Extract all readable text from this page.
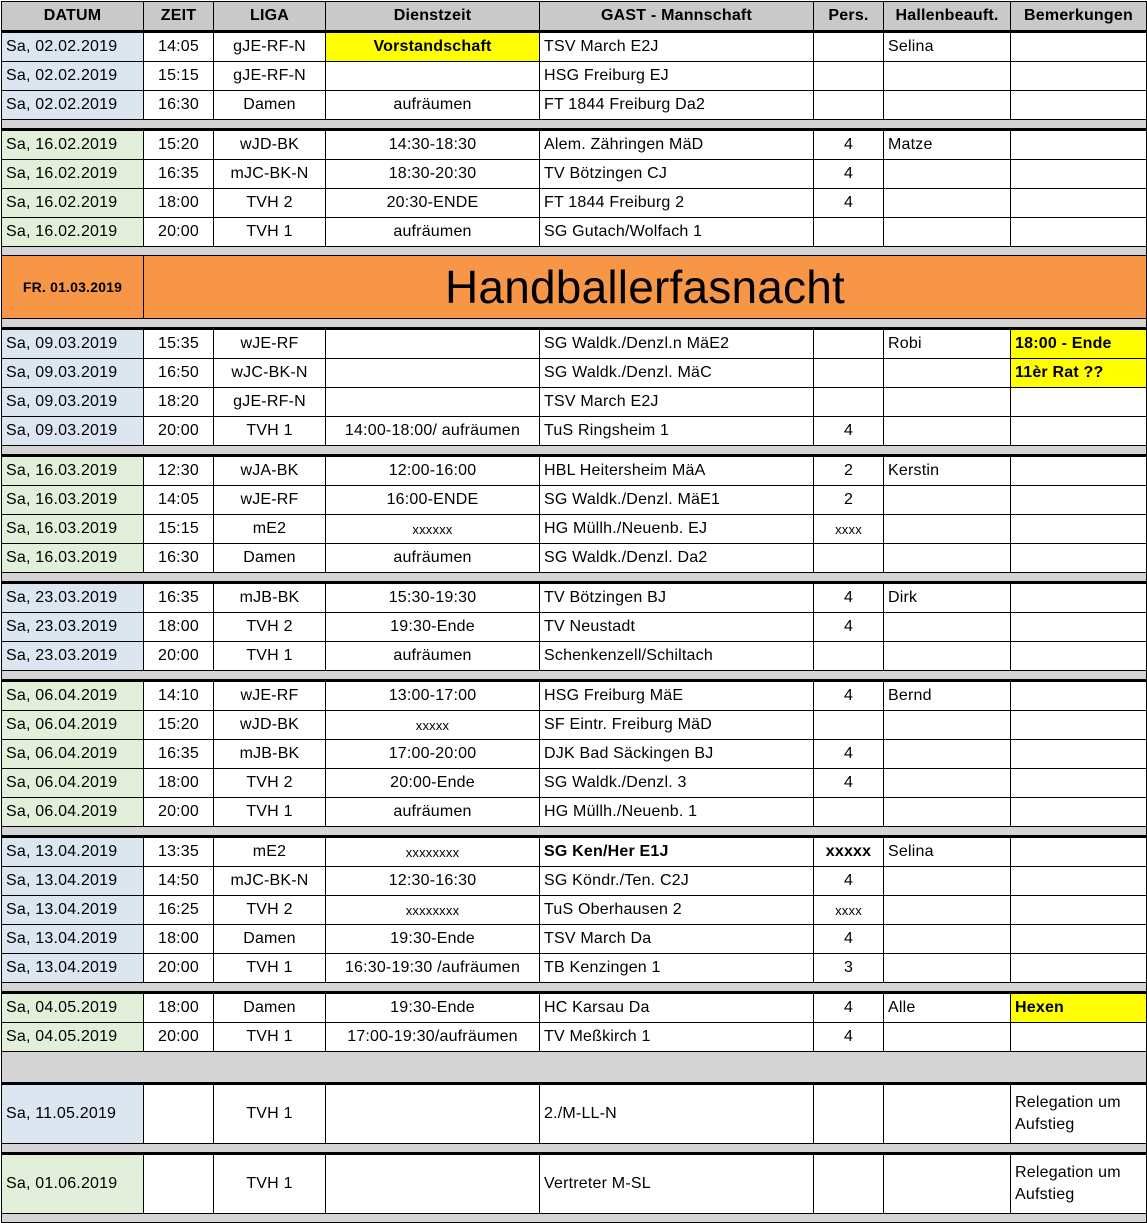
DATUM	ZEIT	LIGA	Dienstzeit	GAST - Mannschaft	Pers.	Hallenbeauft.	Bemerkungen
Sa, 02.02.2019	14:05	gJE-RF-N	Vorstandschaft	TSV March E2J		Selina	
Sa, 02.02.2019	15:15	gJE-RF-N		HSG Freiburg EJ			
Sa, 02.02.2019	16:30	Damen	aufräumen	FT 1844 Freiburg Da2			

Sa, 16.02.2019	15:20	wJD-BK	14:30-18:30	Alem. Zähringen MäD	4	Matze	
Sa, 16.02.2019	16:35	mJC-BK-N	18:30-20:30	TV Bötzingen CJ	4		
Sa, 16.02.2019	18:00	TVH 2	20:30-ENDE	FT 1844 Freiburg 2	4		
Sa, 16.02.2019	20:00	TVH 1	aufräumen	SG Gutach/Wolfach 1			

FR. 01.03.2019	Handballerfasnacht						

Sa, 09.03.2019	15:35	wJE-RF		SG Waldk./Denzl.n MäE2		Robi	18:00 - Ende
Sa, 09.03.2019	16:50	wJC-BK-N		SG Waldk./Denzl. MäC			11èr Rat ??
Sa, 09.03.2019	18:20	gJE-RF-N		TSV March E2J			
Sa, 09.03.2019	20:00	TVH 1	14:00-18:00/ aufräumen	TuS Ringsheim 1	4		

Sa, 16.03.2019	12:30	wJA-BK	12:00-16:00	HBL Heitersheim MäA	2	Kerstin	
Sa, 16.03.2019	14:05	wJE-RF	16:00-ENDE	SG Waldk./Denzl. MäE1	2		
Sa, 16.03.2019	15:15	mE2	xxxxxx	HG Müllh./Neuenb. EJ	xxxx		
Sa, 16.03.2019	16:30	Damen	aufräumen	SG Waldk./Denzl. Da2			

Sa, 23.03.2019	16:35	mJB-BK	15:30-19:30	TV Bötzingen BJ	4	Dirk	
Sa, 23.03.2019	18:00	TVH 2	19:30-Ende	TV Neustadt	4		
Sa, 23.03.2019	20:00	TVH 1	aufräumen	Schenkenzell/Schiltach			

Sa, 06.04.2019	14:10	wJE-RF	13:00-17:00	HSG Freiburg MäE	4	Bernd	
Sa, 06.04.2019	15:20	wJD-BK	xxxxx	SF Eintr. Freiburg MäD			
Sa, 06.04.2019	16:35	mJB-BK	17:00-20:00	DJK Bad Säckingen BJ	4		
Sa, 06.04.2019	18:00	TVH 2	20:00-Ende	SG Waldk./Denzl. 3	4		
Sa, 06.04.2019	20:00	TVH 1	aufräumen	HG Müllh./Neuenb. 1			

Sa, 13.04.2019	13:35	mE2	xxxxxxxx	SG Ken/Her E1J	xxxxx	Selina	
Sa, 13.04.2019	14:50	mJC-BK-N	12:30-16:30	SG Köndr./Ten. C2J	4		
Sa, 13.04.2019	16:25	TVH 2	xxxxxxxx	TuS Oberhausen 2	xxxx		
Sa, 13.04.2019	18:00	Damen	19:30-Ende	TSV March Da	4		
Sa, 13.04.2019	20:00	TVH 1	16:30-19:30 /aufräumen	TB Kenzingen 1	3		

Sa, 04.05.2019	18:00	Damen	19:30-Ende	HC Karsau Da	4	Alle	Hexen
Sa, 04.05.2019	20:00	TVH 1	17:00-19:30/aufräumen	TV Meßkirch 1	4		

Sa, 11.05.2019		TVH 1		2./M-LL-N			Relegation um Aufstieg

Sa, 01.06.2019		TVH 1		Vertreter M-SL			Relegation um Aufstieg
